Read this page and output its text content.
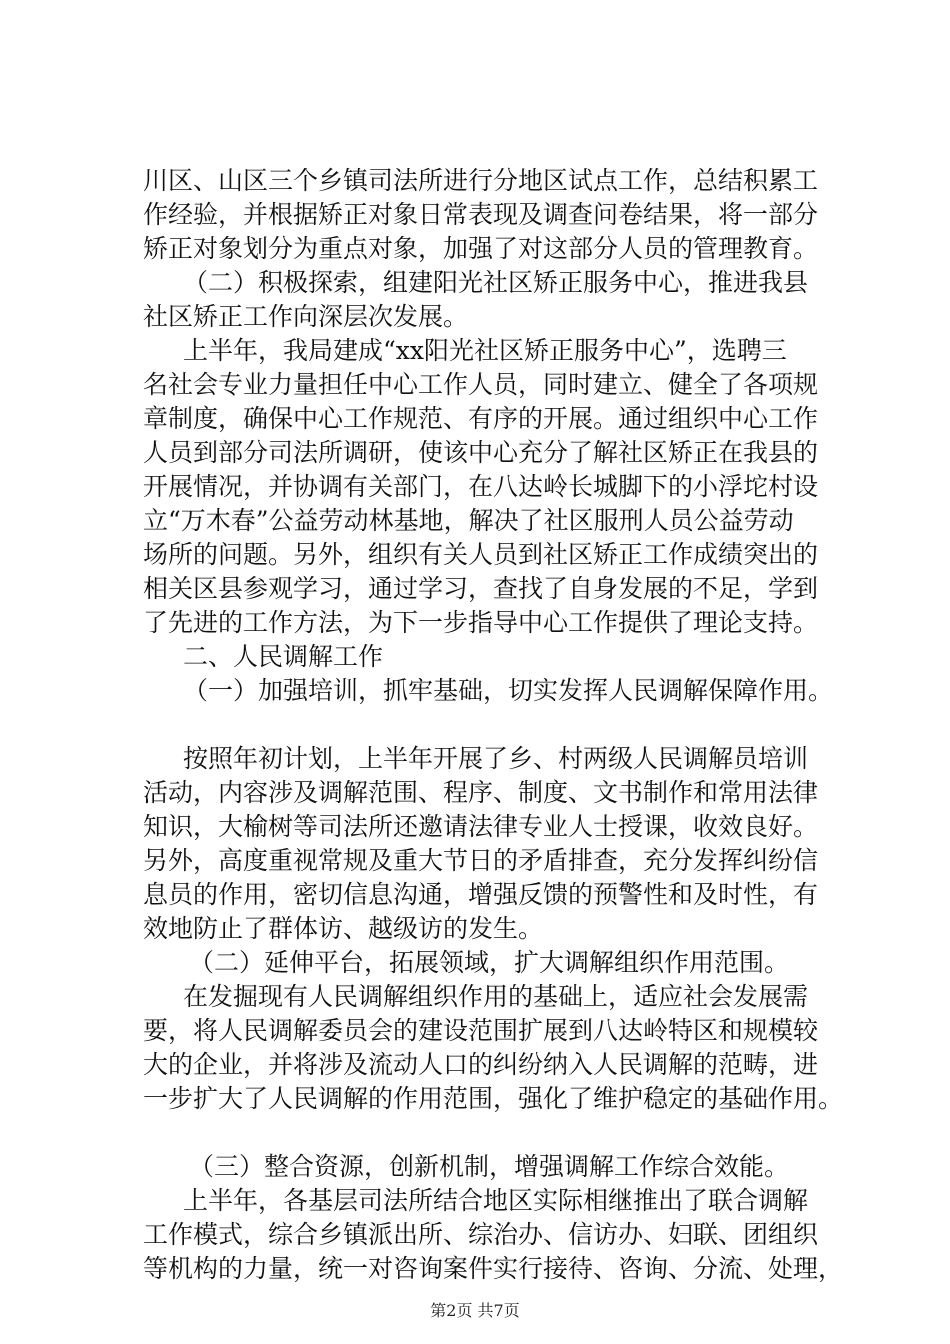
川区、山区三个乡镇司法所进行分地区试点工作，总结积累工
作经验，并根据矫正对象日常表现及调查问卷结果，将一部分
矫正对象划分为重点对象，加强了对这部分人员的管理教育。
（二）积极探索，组建阳光社区矫正服务中心，推进我县
社区矫正工作向深层次发展。
上半年，我局建成“xx阳光社区矫正服务中心”，选聘三
名社会专业力量担任中心工作人员，同时建立、健全了各项规
章制度，确保中心工作规范、有序的开展。通过组织中心工作
人员到部分司法所调研，使该中心充分了解社区矫正在我县的
开展情况，并协调有关部门，在八达岭长城脚下的小浮坨村设
立“万木春”公益劳动林基地，解决了社区服刑人员公益劳动
场所的问题。另外，组织有关人员到社区矫正工作成绩突出的
相关区县参观学习，通过学习，查找了自身发展的不足，学到
了先进的工作方法，为下一步指导中心工作提供了理论支持。
二、人民调解工作
（一）加强培训，抓牢基础，切实发挥人民调解保障作用。
按照年初计划，上半年开展了乡、村两级人民调解员培训
活动，内容涉及调解范围、程序、制度、文书制作和常用法律
知识，大榆树等司法所还邀请法律专业人士授课，收效良好。
另外，高度重视常规及重大节日的矛盾排查，充分发挥纠纷信
息员的作用，密切信息沟通，增强反馈的预警性和及时性，有
效地防止了群体访、越级访的发生。
（二）延伸平台，拓展领域，扩大调解组织作用范围。
在发掘现有人民调解组织作用的基础上，适应社会发展需
要，将人民调解委员会的建设范围扩展到八达岭特区和规模较
大的企业，并将涉及流动人口的纠纷纳入人民调解的范畴，进
一步扩大了人民调解的作用范围，强化了维护稳定的基础作用。
（三）整合资源，创新机制，增强调解工作综合效能。
上半年，各基层司法所结合地区实际相继推出了联合调解
工作模式，综合乡镇派出所、综治办、信访办、妇联、团组织
等机构的力量，统一对咨询案件实行接待、咨询、分流、处理，
第2页 共7页
